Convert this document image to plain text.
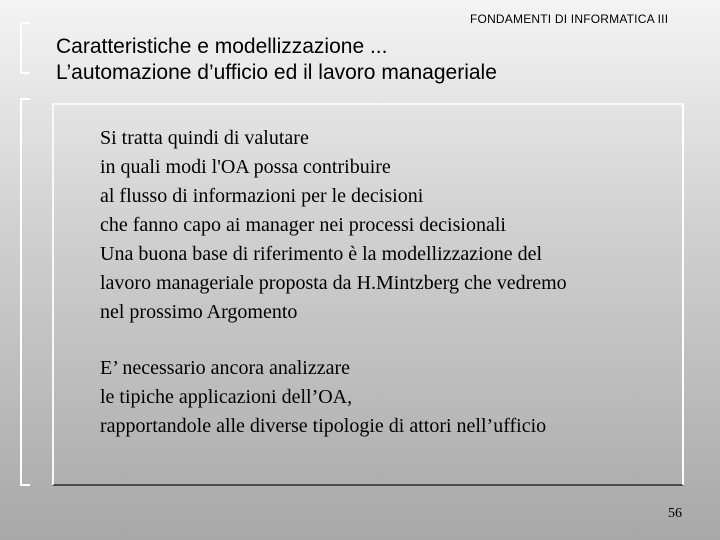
FONDAMENTI DI INFORMATICA III
Caratteristiche e modellizzazione ...
L’automazione d’ufficio ed il lavoro manageriale
Si tratta quindi di valutare
in quali modi l'OA possa contribuire
al flusso di informazioni per le decisioni
che fanno capo ai manager nei processi decisionali
Una buona base di riferimento è la modellizzazione del
lavoro manageriale proposta da H.Mintzberg che vedremo
nel prossimo Argomento
E’ necessario ancora analizzare
le tipiche applicazioni dell’OA,
rapportandole alle diverse tipologie di attori nell’ufficio
56
